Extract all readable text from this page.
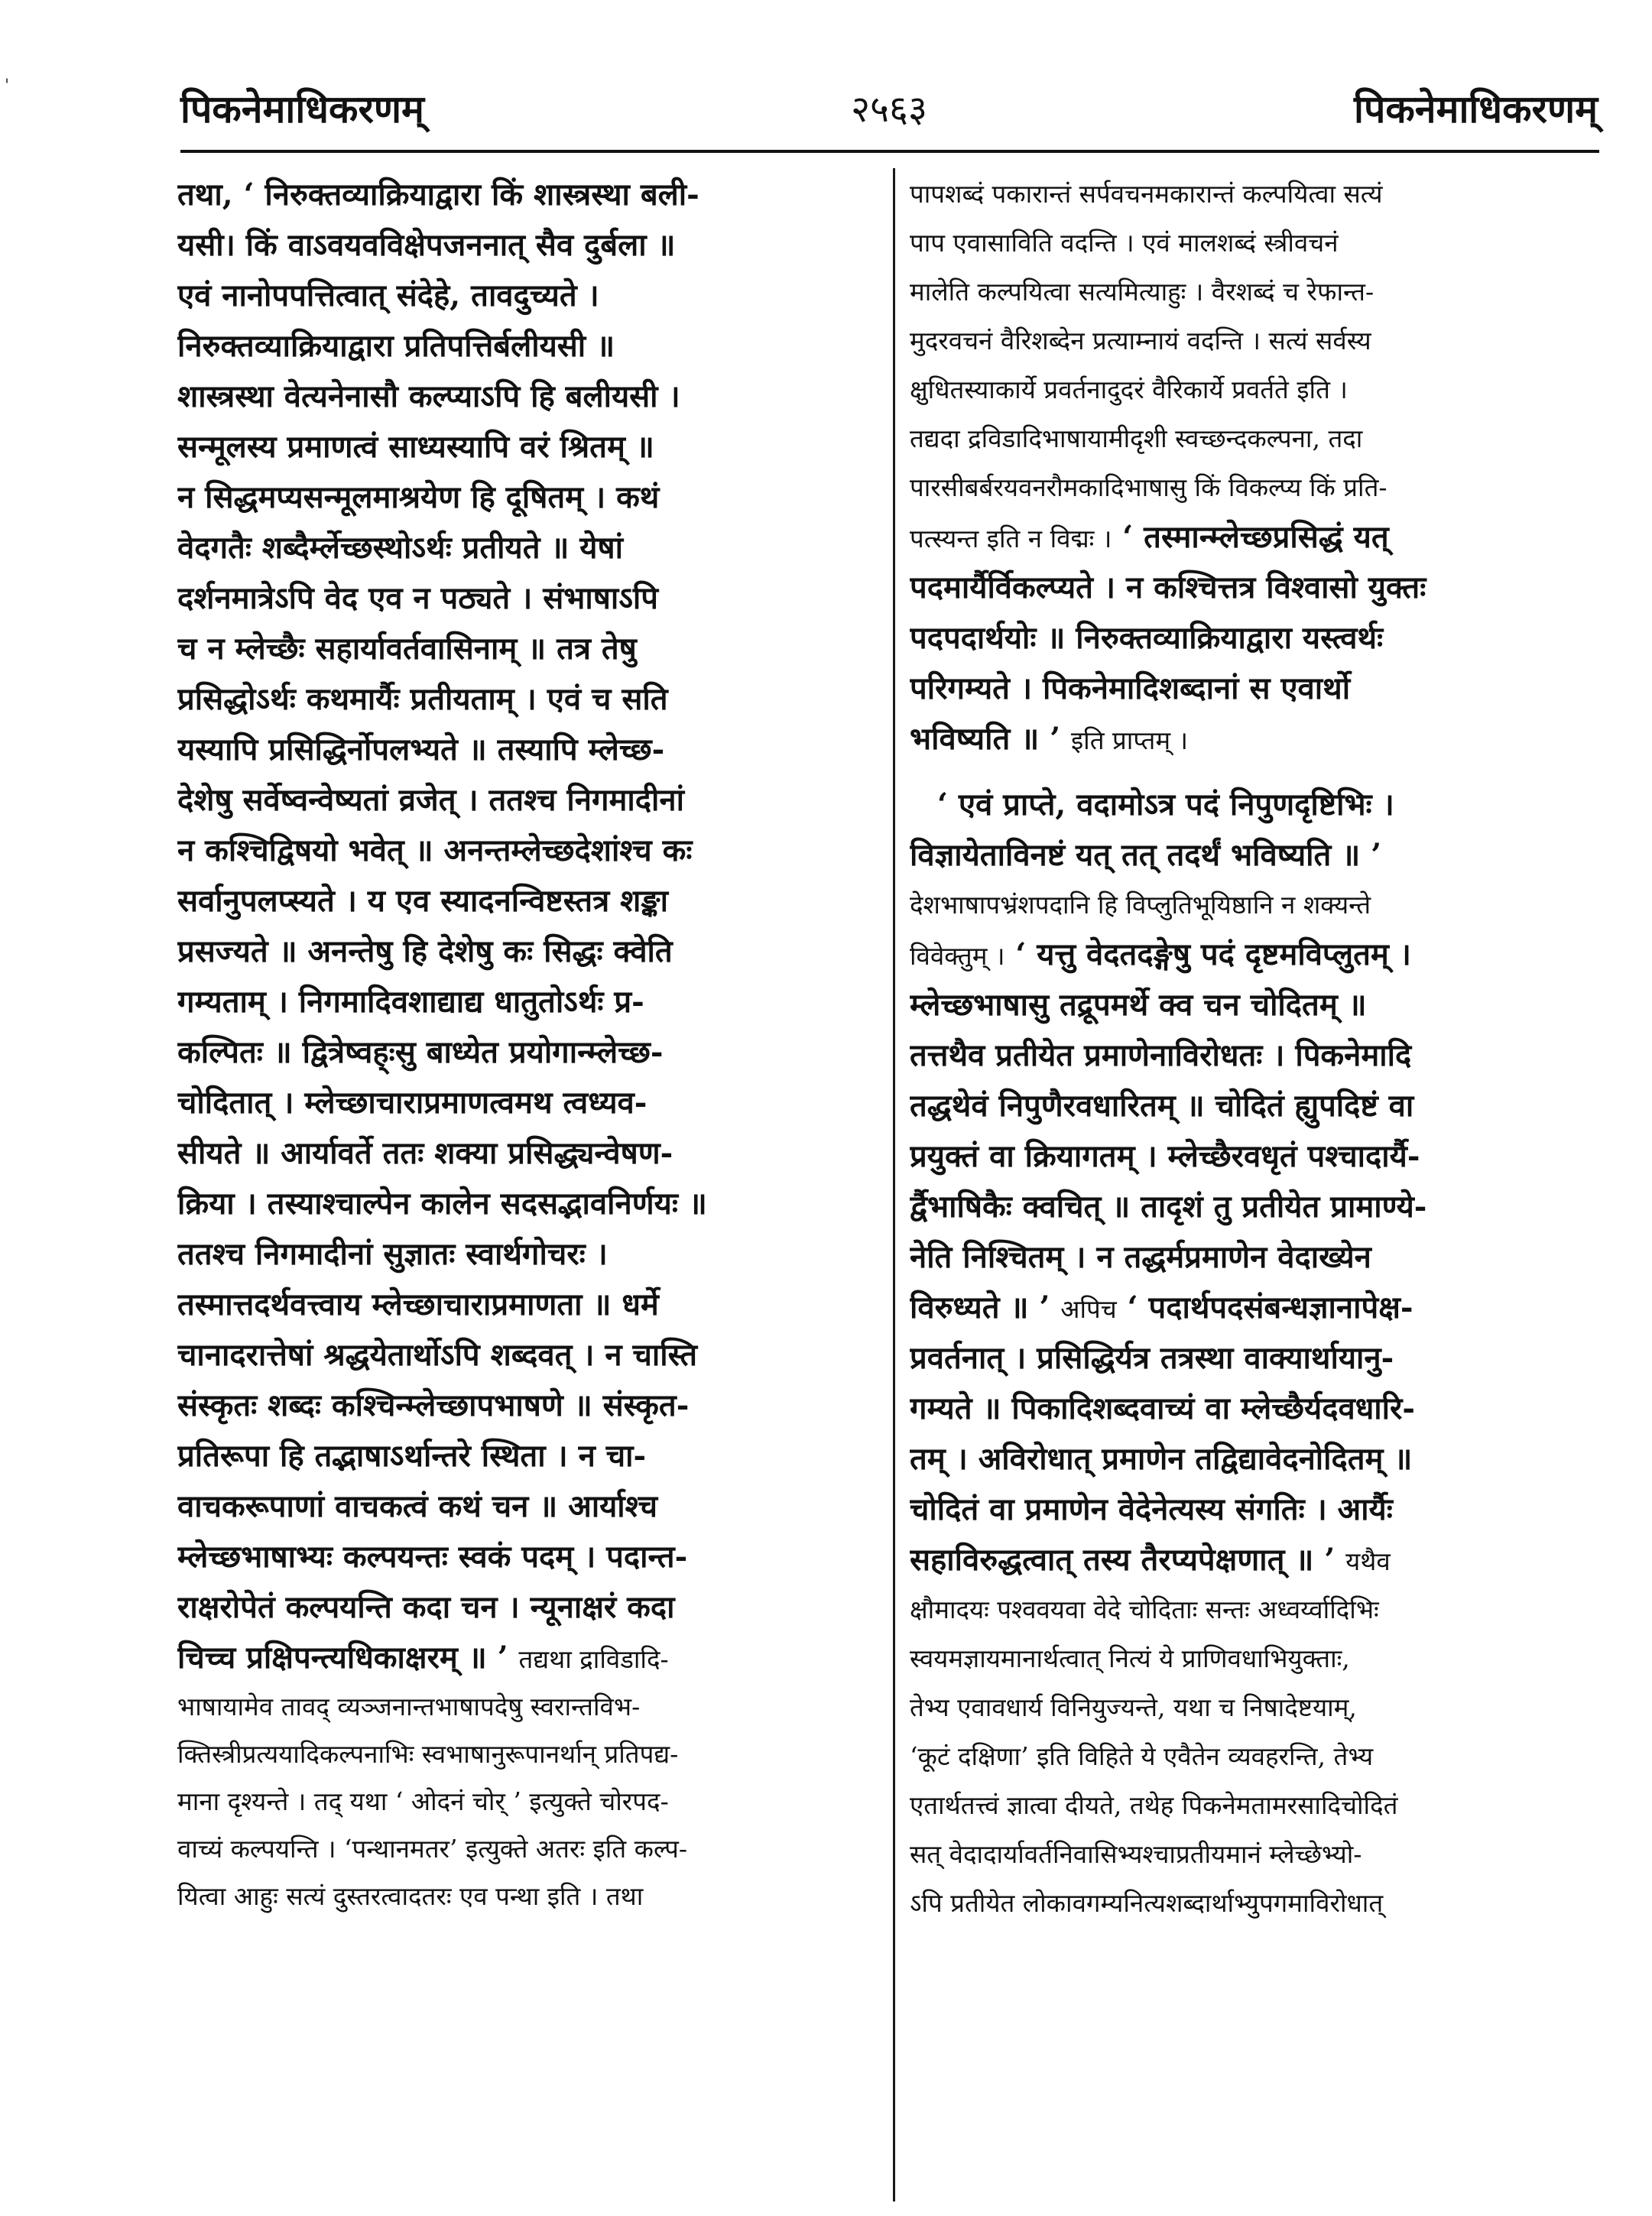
'
पिकनेमाधिकरणम्	२५६३	पिकनेमाधिकरणम्
तथा, ‘ निरुक्तव्याक्रियाद्वारा किं शास्त्रस्था बली-
यसी। किं वाऽवयवविक्षेपजननात् सैव दुर्बला ॥
एवं नानोपपत्तित्वात् संदेहे, तावदुच्यते ।
निरुक्तव्याक्रियाद्वारा प्रतिपत्तिर्बलीयसी ॥
शास्त्रस्था वेत्यनेनासौ कल्प्याऽपि हि बलीयसी ।
सन्मूलस्य प्रमाणत्वं साध्यस्यापि वरं श्रितम् ॥
न सिद्धमप्यसन्मूलमाश्रयेण हि दूषितम् । कथं
वेदगतैः शब्दैर्म्लेच्छस्थोऽर्थः प्रतीयते ॥ येषां
दर्शनमात्रेऽपि वेद एव न पठ्यते । संभाषाऽपि
च न म्लेच्छैः सहार्यावर्तवासिनाम् ॥ तत्र तेषु
प्रसिद्धोऽर्थः कथमार्यैः प्रतीयताम् । एवं च सति
यस्यापि प्रसिद्धिर्नोपलभ्यते ॥ तस्यापि म्लेच्छ-
देशेषु सर्वेष्वन्वेष्यतां व्रजेत् । ततश्च निगमादीनां
न कश्चिद्विषयो भवेत् ॥ अनन्तम्लेच्छदेशांश्च कः
सर्वानुपलप्स्यते । य एव स्यादनन्विष्टस्तत्र शङ्का
प्रसज्यते ॥ अनन्तेषु हि देशेषु कः सिद्धः क्वेति
गम्यताम् । निगमादिवशाद्याद्य धातुतोऽर्थः प्र-
कल्पितः ॥ द्वित्रेष्वह्ःसु बाध्येत प्रयोगान्म्लेच्छ-
चोदितात् । म्लेच्छाचाराप्रमाणत्वमथ त्वध्यव-
सीयते ॥ आर्यावर्ते ततः शक्या प्रसिद्ध्यन्वेषण-
क्रिया । तस्याश्चाल्पेन कालेन सदसद्भावनिर्णयः ॥
ततश्च निगमादीनां सुज्ञातः स्वार्थगोचरः ।
तस्मात्तदर्थवत्त्वाय म्लेच्छाचाराप्रमाणता ॥ धर्मे
चानादरात्तेषां श्रद्धयेतार्थोऽपि शब्दवत् । न चास्ति
संस्कृतः शब्दः कश्चिन्म्लेच्छापभाषणे ॥ संस्कृत-
प्रतिरूपा हि तद्भाषाऽर्थान्तरे स्थिता । न चा-
वाचकरूपाणां वाचकत्वं कथं चन ॥ आर्याश्च
म्लेच्छभाषाभ्यः कल्पयन्तः स्वकं पदम् । पदान्त-
राक्षरोपेतं कल्पयन्ति कदा चन । न्यूनाक्षरं कदा
चिच्च प्रक्षिपन्त्यधिकाक्षरम् ॥ ’ तद्यथा द्राविडादि-
भाषायामेव तावद् व्यञ्जनान्तभाषापदेषु स्वरान्तविभ-
क्तिस्त्रीप्रत्ययादिकल्पनाभिः स्वभाषानुरूपानर्थान् प्रतिपद्य-
माना दृश्यन्ते । तद् यथा ‘ ओदनं चोर् ’ इत्युक्ते चोरपद-
वाच्यं कल्पयन्ति । ‘पन्थानमतर’ इत्युक्ते अतरः इति कल्प-
यित्वा आहुः सत्यं दुस्तरत्वादतरः एव पन्था इति । तथा
पापशब्दं पकारान्तं सर्पवचनमकारान्तं कल्पयित्वा सत्यं
पाप एवासाविति वदन्ति । एवं मालशब्दं स्त्रीवचनं
मालेति कल्पयित्वा सत्यमित्याहुः । वैरशब्दं च रेफान्त-
मुदरवचनं वैरिशब्देन प्रत्याम्नायं वदन्ति । सत्यं सर्वस्य
क्षुधितस्याकार्ये प्रवर्तनादुदरं वैरिकार्ये प्रवर्तते इति ।
तद्यदा द्रविडादिभाषायामीदृशी स्वच्छन्दकल्पना, तदा
पारसीबर्बरयवनरौमकादिभाषासु किं विकल्प्य किं प्रति-
पत्स्यन्त इति न विद्मः । ‘ तस्मान्म्लेच्छप्रसिद्धं यत्
पदमार्यैर्विकल्प्यते । न कश्चित्तत्र विश्वासो युक्तः
पदपदार्थयोः ॥ निरुक्तव्याक्रियाद्वारा यस्त्वर्थः
परिगम्यते । पिकनेमादिशब्दानां स एवार्थो
भविष्यति ॥ ’ इति प्राप्तम् ।
‘ एवं प्राप्ते, वदामोऽत्र पदं निपुणदृष्टिभिः ।
विज्ञायेताविनष्टं यत् तत् तदर्थं भविष्यति ॥ ’
देशभाषापभ्रंशपदानि हि विप्लुतिभूयिष्ठानि न शक्यन्ते
विवेक्तुम् । ‘ यत्तु वेदतदङ्गेषु पदं दृष्टमविप्लुतम् ।
म्लेच्छभाषासु तद्रूपमर्थे क्व चन चोदितम् ॥
तत्तथैव प्रतीयेत प्रमाणेनाविरोधतः । पिकनेमादि
तद्धथेवं निपुणैरवधारितम् ॥ चोदितं ह्युपदिष्टं वा
प्रयुक्तं वा क्रियागतम् । म्लेच्छैरवधृतं पश्चादार्यै-
र्द्वैभाषिकैः क्वचित् ॥ तादृशं तु प्रतीयेत प्रामाण्ये-
नेति निश्चितम् । न तद्धर्मप्रमाणेन वेदाख्येन
विरुध्यते ॥ ’ अपिच ‘ पदार्थपदसंबन्धज्ञानापेक्ष-
प्रवर्तनात् । प्रसिद्धिर्यत्र तत्रस्था वाक्यार्थायानु-
गम्यते ॥ पिकादिशब्दवाच्यं वा म्लेच्छैर्यदवधारि-
तम् । अविरोधात् प्रमाणेन तद्विद्यावेदनोदितम् ॥
चोदितं वा प्रमाणेन वेदेनेत्यस्य संगतिः । आर्यैः
सहाविरुद्धत्वात् तस्य तैरप्यपेक्षणात् ॥ ’ यथैव
क्षौमादयः पश्ववयवा वेदे चोदिताः सन्तः अध्वर्य्वादिभिः
स्वयमज्ञायमानार्थत्वात् नित्यं ये प्राणिवधाभियुक्ताः,
तेभ्य एवावधार्य विनियुज्यन्ते, यथा च निषादेष्टयाम्,
‘कूटं दक्षिणा’ इति विहिते ये एवैतेन व्यवहरन्ति, तेभ्य
एतार्थतत्त्वं ज्ञात्वा दीयते, तथेह पिकनेमतामरसादिचोदितं
सत् वेदादार्यावर्तनिवासिभ्यश्चाप्रतीयमानं म्लेच्छेभ्यो-
ऽपि प्रतीयेत लोकावगम्यनित्यशब्दार्थाभ्युपगमाविरोधात्
